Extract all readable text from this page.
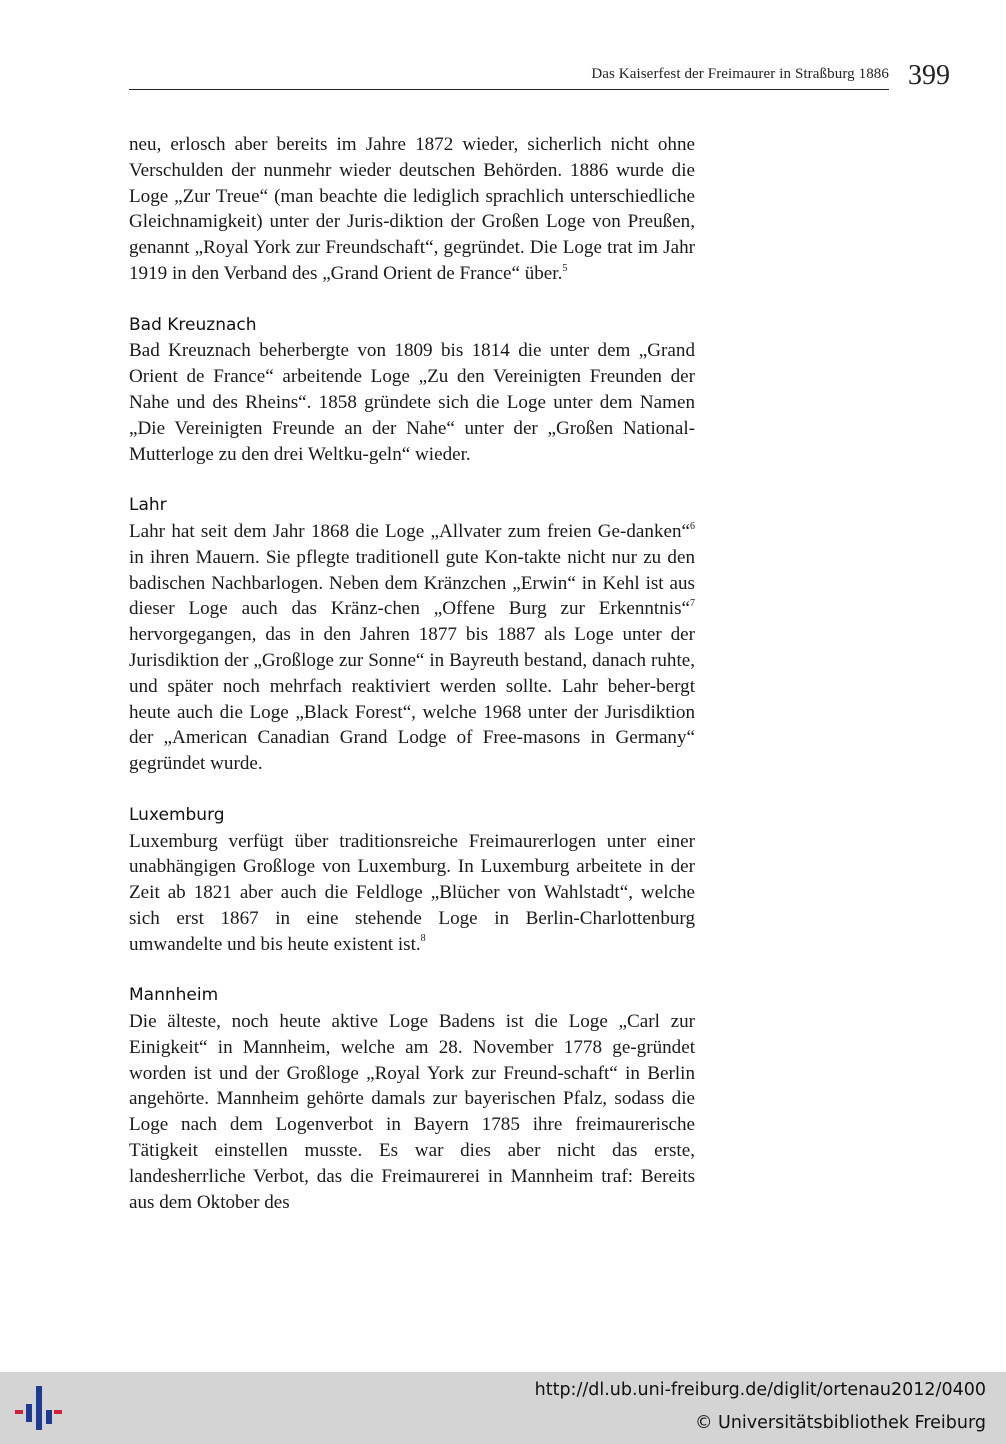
Das Kaiserfest der Freimaurer in Straßburg 1886 399

neu, erlosch aber bereits im Jahre 1872 wieder, sicherlich nicht ohne Verschulden der nunmehr wieder deutschen Behörden. 1886 wurde die Loge „Zur Treue“ (man beachte die lediglich sprachlich unterschiedliche Gleichnamigkeit) unter der Juris-diktion der Großen Loge von Preußen, genannt „Royal York zur Freundschaft“, gegründet. Die Loge trat im Jahr 1919 in den Verband des „Grand Orient de France“ über.$^5$

Bad Kreuznach

Bad Kreuznach beherbergte von 1809 bis 1814 die unter dem „Grand Orient de France“ arbeitende Loge „Zu den Vereinigten Freunden der Nahe und des Rheins“. 1858 gründete sich die Loge unter dem Namen „Die Vereinigten Freunde an der Nahe“ unter der „Großen National-Mutterloge zu den drei Weltku-geln“ wieder.

Lahr

Lahr hat seit dem Jahr 1868 die Loge „Allvater zum freien Ge-danken“$^6$ in ihren Mauern. Sie pflegte traditionell gute Kon-takte nicht nur zu den badischen Nachbarlogen. Neben dem Kränzchen „Erwin“ in Kehl ist aus dieser Loge auch das Kränz-chen „Offene Burg zur Erkenntnis“$^7$ hervorgegangen, das in den Jahren 1877 bis 1887 als Loge unter der Jurisdiktion der „Großloge zur Sonne“ in Bayreuth bestand, danach ruhte, und später noch mehrfach reaktiviert werden sollte. Lahr beher-bergt heute auch die Loge „Black Forest“, welche 1968 unter der Jurisdiktion der „American Canadian Grand Lodge of Free-masons in Germany“ gegründet wurde.

Luxemburg

Luxemburg verfügt über traditionsreiche Freimaurerlogen unter einer unabhängigen Großloge von Luxemburg. In Luxemburg arbeitete in der Zeit ab 1821 aber auch die Feldloge „Blücher von Wahlstadt“, welche sich erst 1867 in eine stehende Loge in Berlin-Charlottenburg umwandelte und bis heute existent ist.$^8$

Mannheim

Die älteste, noch heute aktive Loge Badens ist die Loge „Carl zur Einigkeit“ in Mannheim, welche am 28. November 1778 ge-gründet worden ist und der Großloge „Royal York zur Freund-schaft“ in Berlin angehörte. Mannheim gehörte damals zur bayerischen Pfalz, sodass die Loge nach dem Logenverbot in Bayern 1785 ihre freimaurerische Tätigkeit einstellen musste. Es war dies aber nicht das erste, landesherrliche Verbot, das die Freimaurerei in Mannheim traf: Bereits aus dem Oktober des

http://dl.ub.uni-freiburg.de/diglit/ortenau2012/0400
© Universitätsbibliothek Freiburg
